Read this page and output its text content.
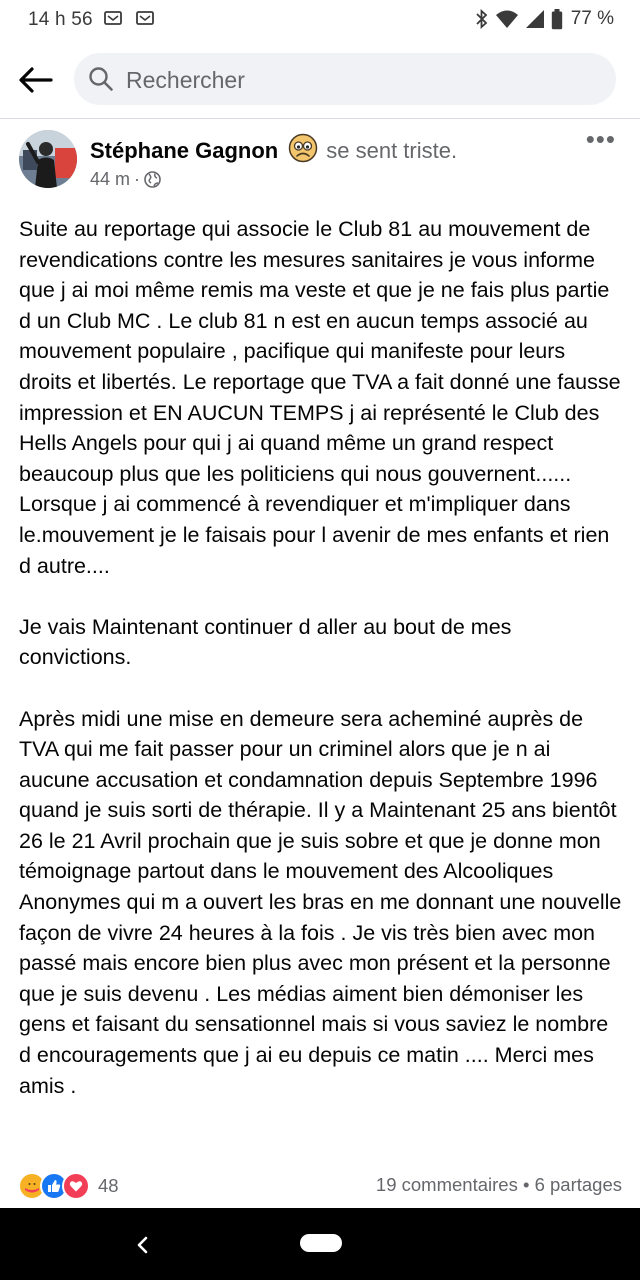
14 h 56	77 %
Rechercher
Stéphane Gagnon se sent triste.
44 m ·
•••

Suite au reportage qui associe le Club 81 au mouvement de revendications contre les mesures sanitaires je vous informe que j ai moi même remis ma veste et que je ne fais plus partie d un Club MC . Le club 81 n est en aucun temps associé au mouvement populaire , pacifique qui manifeste pour leurs droits et libertés. Le reportage que TVA a fait donné une fausse impression et EN AUCUN TEMPS j ai représenté le Club des Hells Angels pour qui j ai quand même un grand respect beaucoup plus que les politiciens qui nous gouvernent...... Lorsque j ai commencé à revendiquer et m'impliquer dans le.mouvement je le faisais pour l avenir de mes enfants et rien d autre....

Je vais Maintenant continuer d aller au bout de mes convictions.

Après midi une mise en demeure sera acheminé auprès de TVA qui me fait passer pour un criminel alors que je n ai aucune accusation et condamnation depuis Septembre 1996 quand je suis sorti de thérapie. Il y a Maintenant 25 ans bientôt 26 le 21 Avril prochain que je suis sobre et que je donne mon témoignage partout dans le mouvement des Alcooliques Anonymes qui m a ouvert les bras en me donnant une nouvelle façon de vivre 24 heures à la fois . Je vis très bien avec mon passé mais encore bien plus avec mon présent et la personne que je suis devenu . Les médias aiment bien démoniser les gens et faisant du sensationnel mais si vous saviez le nombre d encouragements que j ai eu depuis ce matin .... Merci mes amis .

48	19 commentaires • 6 partages
